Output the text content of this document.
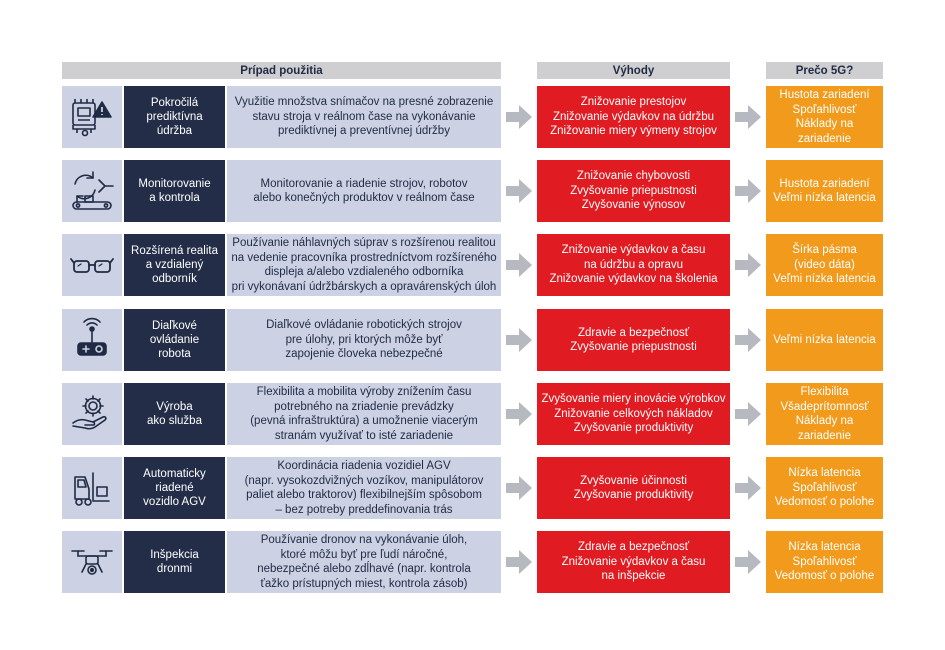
Prípad použitia	Výhody	Prečo 5G?
Pokročilá
prediktívna
údržba
Využitie množstva snímačov na presné zobrazenie
stavu stroja v reálnom čase na vykonávanie
prediktívnej a preventívnej údržby
Znižovanie prestojov
Znižovanie výdavkov na údržbu
Znižovanie miery výmeny strojov
Hustota zariadení
Spoľahlivosť
Náklady na zariadenie
Monitorovanie
a kontrola
Monitorovanie a riadenie strojov, robotov
alebo konečných produktov v reálnom čase
Znižovanie chybovosti
Zvyšovanie priepustnosti
Zvyšovanie výnosov
Hustota zariadení
Veľmi nízka latencia
Rozšírená realita
a vzdialený
odborník
Používanie náhlavných súprav s rozšírenou realitou
na vedenie pracovníka prostredníctvom rozšíreného
displeja a/alebo vzdialeného odborníka
pri vykonávaní údržbárskych a opravárenských úloh
Znižovanie výdavkov a času
na údržbu a opravu
Znižovanie výdavkov na školenia
Šírka pásma
(video dáta)
Veľmi nízka latencia
Diaľkové
ovládanie
robota
Diaľkové ovládanie robotických strojov
pre úlohy, pri ktorých môže byť
zapojenie človeka nebezpečné
Zdravie a bezpečnosť
Zvyšovanie priepustnosti
Veľmi nízka latencia
Výroba
ako služba
Flexibilita a mobilita výroby znížením času
potrebného na zriadenie prevádzky
(pevná infraštruktúra) a umožnenie viacerým
stranám využívať to isté zariadenie
Zvyšovanie miery inovácie výrobkov
Znižovanie celkových nákladov
Zvyšovanie produktivity
Flexibilita
Všadeprítomnosť
Náklady na zariadenie
Automaticky
riadené
vozidlo AGV
Koordinácia riadenia vozidiel AGV
(napr. vysokozdvižných vozíkov, manipulátorov
paliet alebo traktorov) flexibilnejším spôsobom
– bez potreby preddefinovania trás
Zvyšovanie účinnosti
Zvyšovanie produktivity
Nízka latencia
Spoľahlivosť
Vedomosť o polohe
Inšpekcia
dronmi
Používanie dronov na vykonávanie úloh,
ktoré môžu byť pre ľudí náročné,
nebezpečné alebo zdĺhavé (napr. kontrola
ťažko prístupných miest, kontrola zásob)
Zdravie a bezpečnosť
Znižovanie výdavkov a času
na inšpekcie
Nízka latencia
Spoľahlivosť
Vedomosť o polohe
